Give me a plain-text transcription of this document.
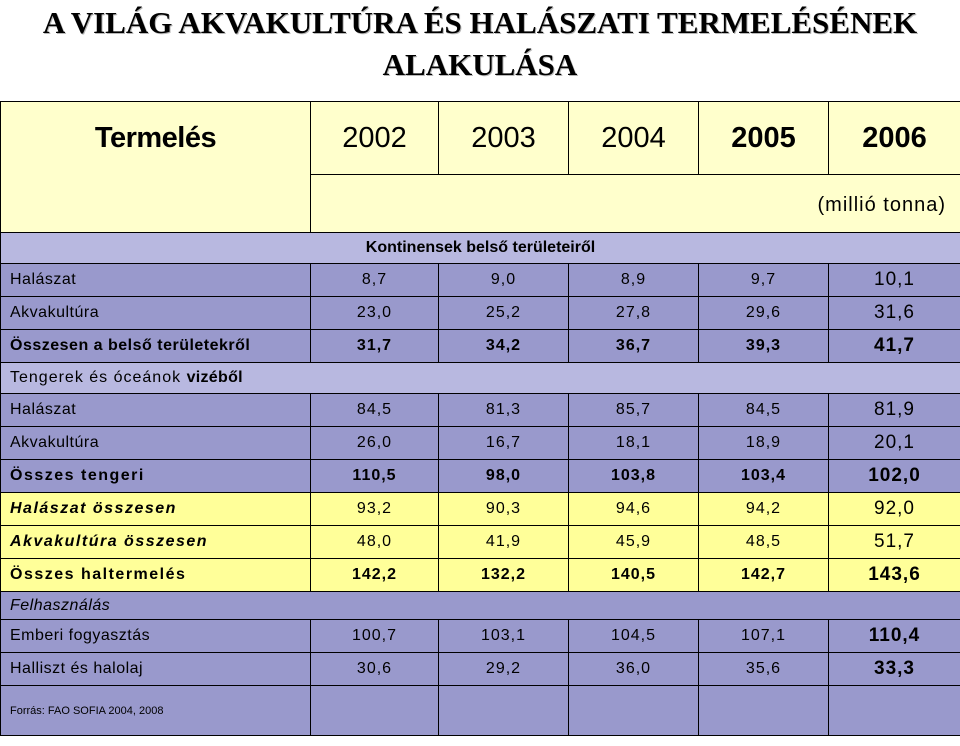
A VILÁG AKVAKULTÚRA ÉS HALÁSZATI TERMELÉSÉNEK
ALAKULÁSA
Termelés	2002	2003	2004	2005	2006
	(millió tonna)				
Kontinensek belső területeiről					
Halászat	8,7	9,0	8,9	9,7	10,1
Akvakultúra	23,0	25,2	27,8	29,6	31,6
Összesen a belső területekről	31,7	34,2	36,7	39,3	41,7
Tengerek és óceánok vizéből					
Halászat	84,5	81,3	85,7	84,5	81,9
Akvakultúra	26,0	16,7	18,1	18,9	20,1
Összes tengeri	110,5	98,0	103,8	103,4	102,0
Halászat összesen	93,2	90,3	94,6	94,2	92,0
Akvakultúra összesen	48,0	41,9	45,9	48,5	51,7
Összes haltermelés	142,2	132,2	140,5	142,7	143,6
Felhasználás					
Emberi fogyasztás	100,7	103,1	104,5	107,1	110,4
Halliszt és halolaj	30,6	29,2	36,0	35,6	33,3
Forrás: FAO SOFIA 2004, 2008					
